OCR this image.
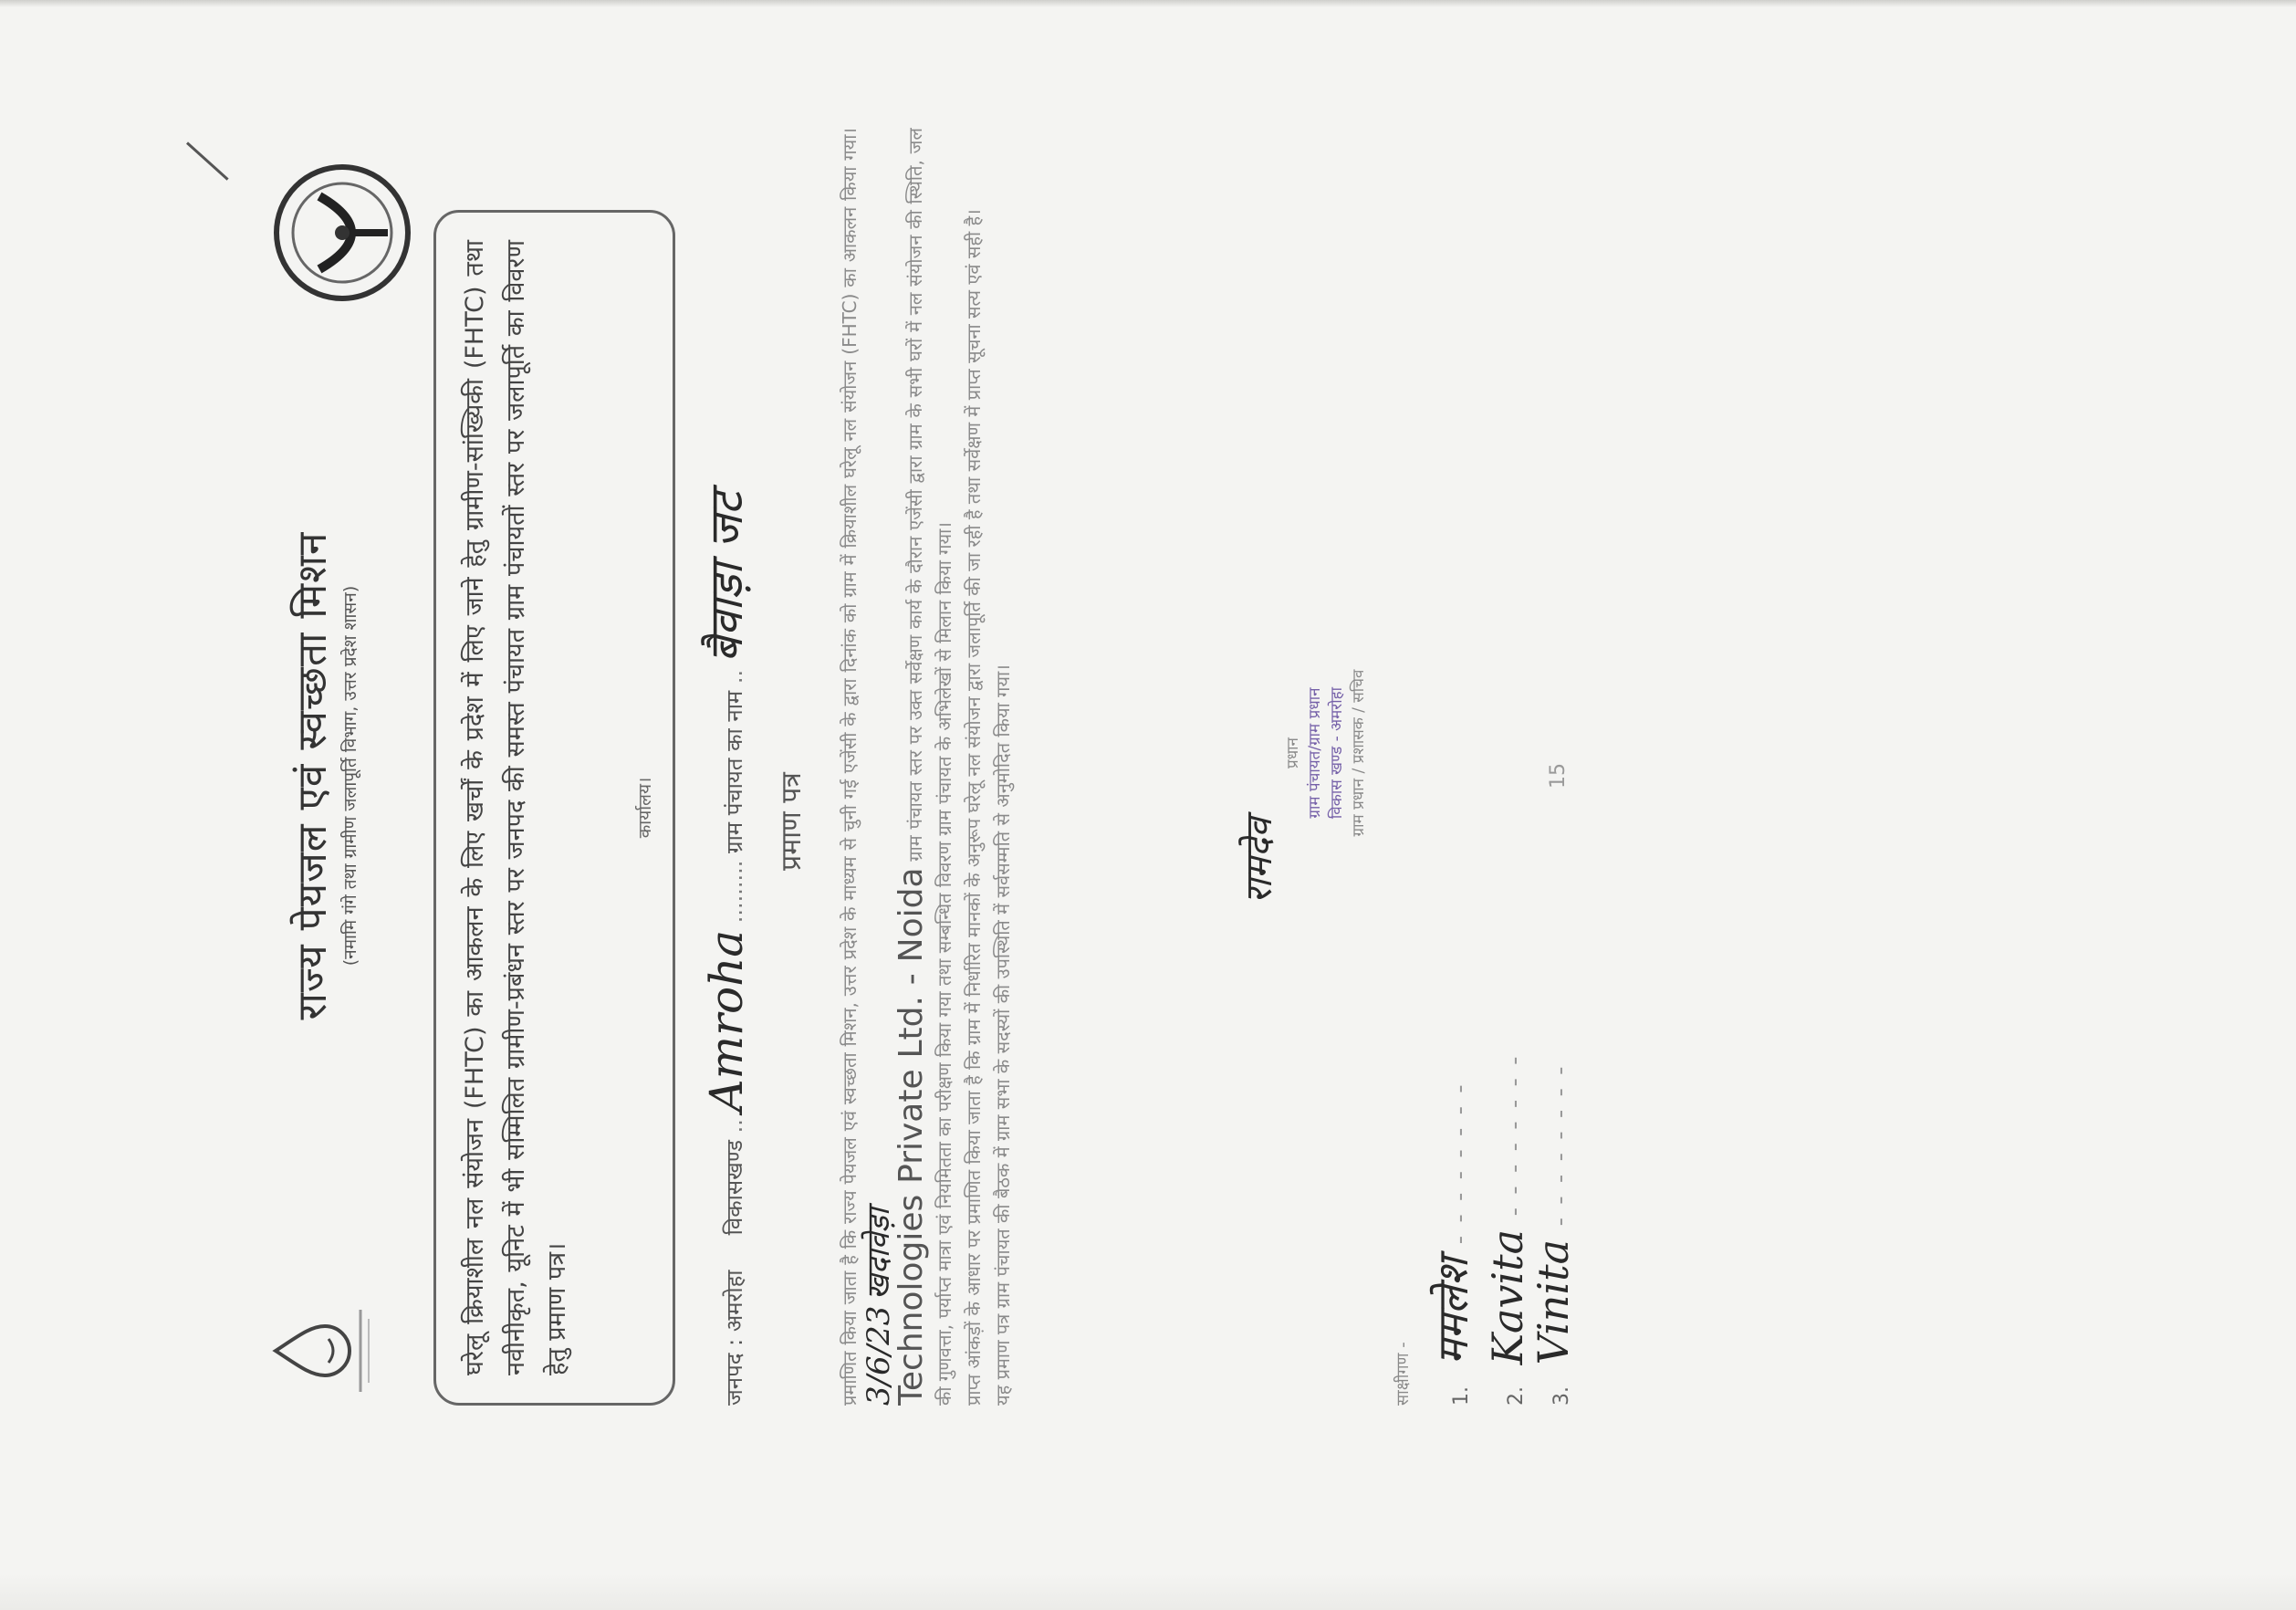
राज्य पेयजल एवं स्वच्छता मिशन (नमामि गंगे तथा ग्रामीण जलापूर्ति विभाग, उत्तर प्रदेश शासन)	घरेलू क्रियाशील नल संयोजन (FHTC) का आकलन के लिए खर्चों के प्रदेश में लिए जाने हेतु ग्रामीण-सांख्यिकी (FHTC) तथा नवीनीकृत, यूनिट में भी सम्मिलित ग्रामीण-प्रबंधन स्तर पर जनपद की समस्त पंचायत ग्राम पंचायतों स्तर पर जलापूर्ति का विवरण हेतु प्रमाण पत्र।
कार्यालय।
जनपद : अमरोहा     विकासखण्ड .. Amroha ......... ग्राम पंचायत का नाम .. बैवाड़ा जट
प्रमाण पत्र प्रमाणित किया जाता है कि राज्य पेयजल एवं स्वच्छता मिशन, उत्तर प्रदेश के माध्यम से चुनी गई एजेंसी के द्वारा दिनांक को ग्राम में क्रियाशील घरेलू नल संयोजन (FHTC) का आकलन किया गया। 3/6/23 खदावेड़ा
Technologies Private Ltd. - Noida ग्राम पंचायत स्तर पर उक्त सर्वेक्षण कार्य के दौरान एजेंसी द्वारा ग्राम के सभी घरों में नल संयोजन की स्थिति, जल की गुणवत्ता, पर्याप्त मात्रा एवं नियमितता का परीक्षण किया गया तथा सम्बन्धित विवरण ग्राम पंचायत के अभिलेखों से मिलान किया गया। प्राप्त आंकड़ों के आधार पर प्रमाणित किया जाता है कि ग्राम में निर्धारित मानकों के अनुरूप घरेलू नल संयोजन द्वारा जलापूर्ति की जा रही है तथा सर्वेक्षण में प्राप्त सूचना सत्य एवं सही है। यह प्रमाण पत्र ग्राम पंचायत की बैठक में ग्राम सभा के सदस्यों की उपस्थिति में सर्वसम्मति से अनुमोदित किया गया।	रामदेव
प्रधान ग्राम पंचायत/ग्राम प्रधान विकास खण्ड - अमरोहा ग्राम प्रधान / प्रशासक / सचिव
साक्षीगण -	1. ममलेश - - - - - - - -
2. Kavita - - - - - - - -
3. Vinita - - - - - - - -
15
